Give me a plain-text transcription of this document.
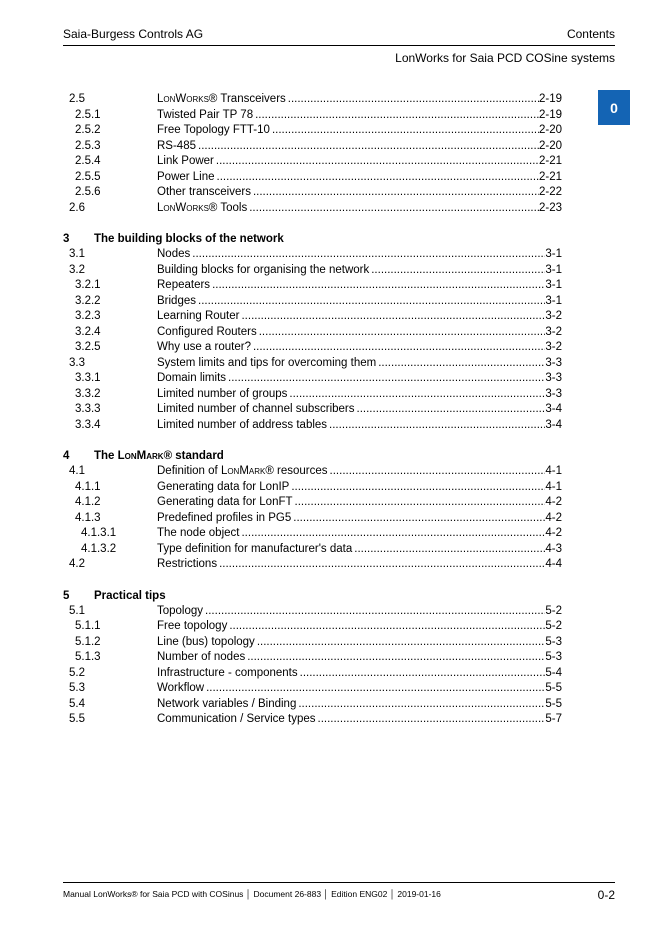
Saia-Burgess Controls AG	Contents
LonWorks for Saia PCD COSine systems
0
2.5	LonWorks® Transceivers .....	2-19
2.5.1	Twisted Pair TP 78 .....	2-19
2.5.2	Free Topology FTT-10 .....	2-20
2.5.3	RS-485 .....	2-20
2.5.4	Link Power .....	2-21
2.5.5	Power Line .....	2-21
2.5.6	Other transceivers .....	2-22
2.6	LonWorks® Tools .....	2-23
3 The building blocks of the network
3.1	Nodes .....	3-1
3.2	Building blocks for organising the network .....	3-1
3.2.1	Repeaters .....	3-1
3.2.2	Bridges .....	3-1
3.2.3	Learning Router .....	3-2
3.2.4	Configured Routers .....	3-2
3.2.5	Why use a router? .....	3-2
3.3	System limits and tips for overcoming them .....	3-3
3.3.1	Domain limits .....	3-3
3.3.2	Limited number of groups .....	3-3
3.3.3	Limited number of channel subscribers .....	3-4
3.3.4	Limited number of address tables .....	3-4
4 The LonMark® standard
4.1	Definition of LonMark® resources .....	4-1
4.1.1	Generating data for LonIP .....	4-1
4.1.2	Generating data for LonFT .....	4-2
4.1.3	Predefined profiles in PG5 .....	4-2
4.1.3.1	The node object .....	4-2
4.1.3.2	Type definition for manufacturer's data .....	4-3
4.2	Restrictions .....	4-4
5 Practical tips
5.1	Topology .....	5-2
5.1.1	Free topology .....	5-2
5.1.2	Line (bus) topology .....	5-3
5.1.3	Number of nodes .....	5-3
5.2	Infrastructure - components .....	5-4
5.3	Workflow .....	5-5
5.4	Network variables / Binding .....	5-5
5.5	Communication / Service types .....	5-7
Manual LonWorks® for Saia PCD with COSinus │ Document 26-883 │ Edition ENG02 │ 2019-01-16	0-2
